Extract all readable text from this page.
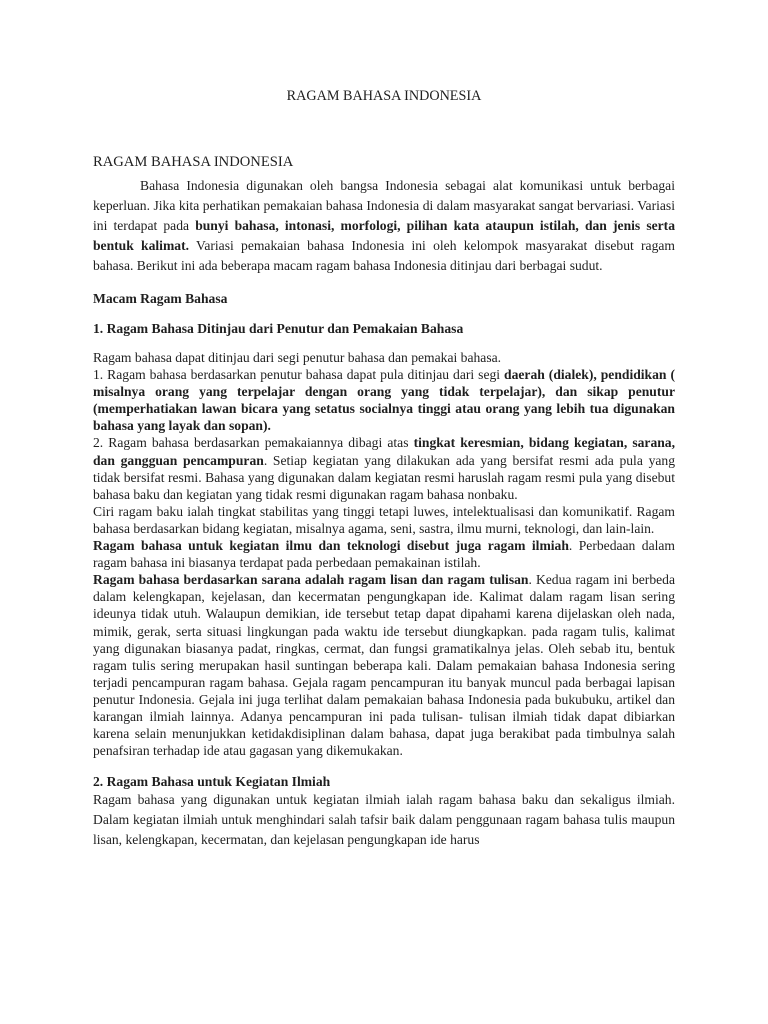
RAGAM BAHASA INDONESIA

RAGAM BAHASA INDONESIA

Bahasa Indonesia digunakan oleh bangsa Indonesia sebagai alat komunikasi untuk berbagai keperluan. Jika kita perhatikan pemakaian bahasa Indonesia di dalam masyarakat sangat bervariasi. Variasi ini terdapat pada bunyi bahasa, intonasi, morfologi, pilihan kata ataupun istilah, dan jenis serta bentuk kalimat. Variasi pemakaian bahasa Indonesia ini oleh kelompok masyarakat disebut ragam bahasa. Berikut ini ada beberapa macam ragam bahasa Indonesia ditinjau dari berbagai sudut.

Macam Ragam Bahasa

1. Ragam Bahasa Ditinjau dari Penutur dan Pemakaian Bahasa

Ragam bahasa dapat ditinjau dari segi penutur bahasa dan pemakai bahasa.

1. Ragam bahasa berdasarkan penutur bahasa dapat pula ditinjau dari segi daerah (dialek), pendidikan ( misalnya orang yang terpelajar dengan orang yang tidak terpelajar), dan sikap penutur (memperhatiakan lawan bicara yang setatus socialnya tinggi atau orang yang lebih tua digunakan bahasa yang layak dan sopan).

2. Ragam bahasa berdasarkan pemakaiannya dibagi atas tingkat keresmian, bidang kegiatan, sarana, dan gangguan pencampuran. Setiap kegiatan yang dilakukan ada yang bersifat resmi ada pula yang tidak bersifat resmi. Bahasa yang digunakan dalam kegiatan resmi haruslah ragam resmi pula yang disebut bahasa baku dan kegiatan yang tidak resmi digunakan ragam bahasa nonbaku.

Ciri ragam baku ialah tingkat stabilitas yang tinggi tetapi luwes, intelektualisasi dan komunikatif. Ragam bahasa berdasarkan bidang kegiatan, misalnya agama, seni, sastra, ilmu murni, teknologi, dan lain-lain.

Ragam bahasa untuk kegiatan ilmu dan teknologi disebut juga ragam ilmiah. Perbedaan dalam ragam bahasa ini biasanya terdapat pada perbedaan pemakainan istilah.

Ragam bahasa berdasarkan sarana adalah ragam lisan dan ragam tulisan. Kedua ragam ini berbeda dalam kelengkapan, kejelasan, dan kecermatan pengungkapan ide. Kalimat dalam ragam lisan sering ideunya tidak utuh. Walaupun demikian, ide tersebut tetap dapat dipahami karena dijelaskan oleh nada, mimik, gerak, serta situasi lingkungan pada waktu ide tersebut diungkapkan. pada ragam tulis, kalimat yang digunakan biasanya padat, ringkas, cermat, dan fungsi gramatikalnya jelas. Oleh sebab itu, bentuk ragam tulis sering merupakan hasil suntingan beberapa kali. Dalam pemakaian bahasa Indonesia sering terjadi pencampuran ragam bahasa. Gejala ragam pencampuran itu banyak muncul pada berbagai lapisan penutur Indonesia. Gejala ini juga terlihat dalam pemakaian bahasa Indonesia pada bukubuku, artikel dan karangan ilmiah lainnya. Adanya pencampuran ini pada tulisan- tulisan ilmiah tidak dapat dibiarkan karena selain menunjukkan ketidakdisiplinan dalam bahasa, dapat juga berakibat pada timbulnya salah penafsiran terhadap ide atau gagasan yang dikemukakan.

2. Ragam Bahasa untuk Kegiatan Ilmiah

Ragam bahasa yang digunakan untuk kegiatan ilmiah ialah ragam bahasa baku dan sekaligus ilmiah. Dalam kegiatan ilmiah untuk menghindari salah tafsir baik dalam penggunaan ragam bahasa tulis maupun lisan, kelengkapan, kecermatan, dan kejelasan pengungkapan ide harus
